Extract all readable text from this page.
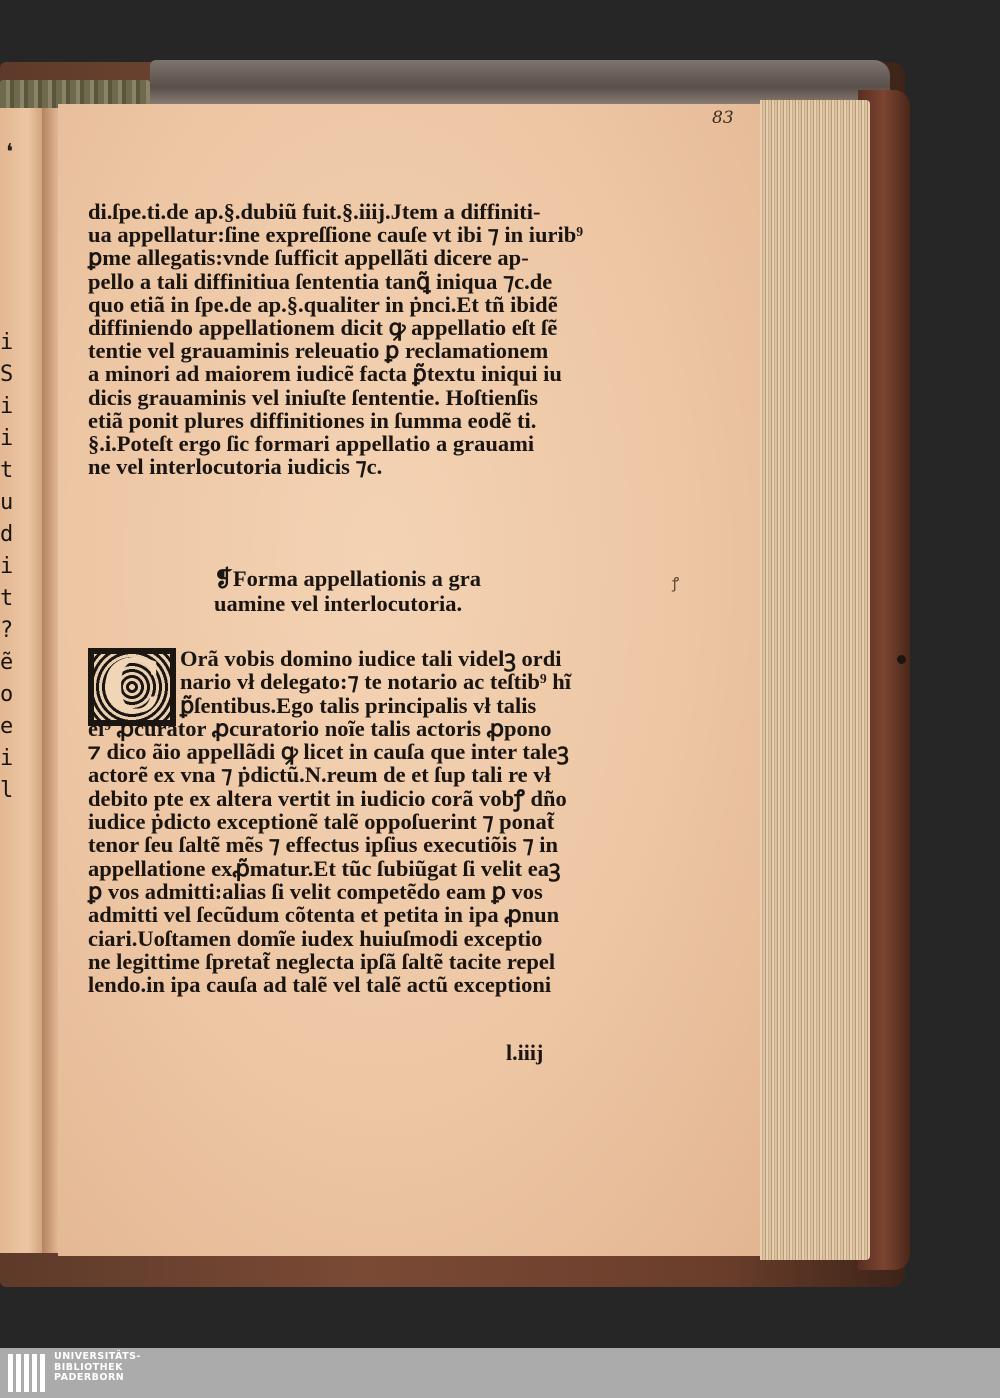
i
S
i
i
t
u
d
i
t
?
ẽ
o
e
i
l
❛
83
di.ſpe.ti.de ap.§.dubiũ fuit.§.iiij.Jtem a diffiniti-
ua appellatur:ſine expreſſione cauſe vt ibi ⁊ in iurib⁹
ꝑme allegatis:vnde ſufficit appellãti dicere ap-
pello a tali diffinitiua ſententia tanꝗ̃ iniqua ⁊c.de
quo etiã in ſpe.de ap.§.qualiter in ṗnci.Et tñ ibidẽ
diffiniendo appellationem dicit ꝙ appellatio eſt ſẽ
tentie vel grauaminis releuatio ꝑ reclamationem
a minori ad maiorem iudicẽ facta ꝑ̃textu iniqui iu
dicis grauaminis vel iniuſte ſententie. Hoſtienſis
etiã ponit plures diffinitiones in ſumma eodẽ ti.
§.i.Poteſt ergo ſic formari appellatio a grauami
ne vel interlocutoria iudicis ⁊c.
❡Forma appellationis a gra
uamine vel interlocutoria.
C Orã vobis domino iudice tali videlꝫ ordi
nario vł delegato:⁊ te notario ac teſtib⁹ hĩ
ꝑ̃ſentibus.Ego talis principalis vł talis
ei⁹ ꝓcurator ꝓcuratorio noĩe talis actoris ꝓpono
⁊ dico ãio appellãdi ꝙ licet in cauſa que inter taleꝫ
actorẽ ex vna ⁊ ṗdictũ.N.reum de et ſup tali re vł
debito pte ex altera vertit in iudicio corã vobꝭ dño
iudice ṗdicto exceptionẽ talẽ oppoſuerint ⁊ ponat̃
tenor ſeu ſaltẽ mẽs ⁊ effectus ipſius executiõis ⁊ in
appellatione exꝓ̃matur.Et tũc ſubiũgat ſi velit eaꝫ
ꝑ vos admitti:alias ſi velit competẽdo eam ꝑ vos
admitti vel ſecũdum cõtenta et petita in ipa ꝓnun
ciari.Uoſtamen domĩe iudex huiuſmodi exceptio
ne legittime ſpretat̃ neglecta ipſã ſaltẽ tacite repel
lendo.in ipa cauſa ad talẽ vel talẽ actũ exceptioni
l.iiij
ꝭ
UNIVERSITÄTS-
BIBLIOTHEK
PADERBORN
